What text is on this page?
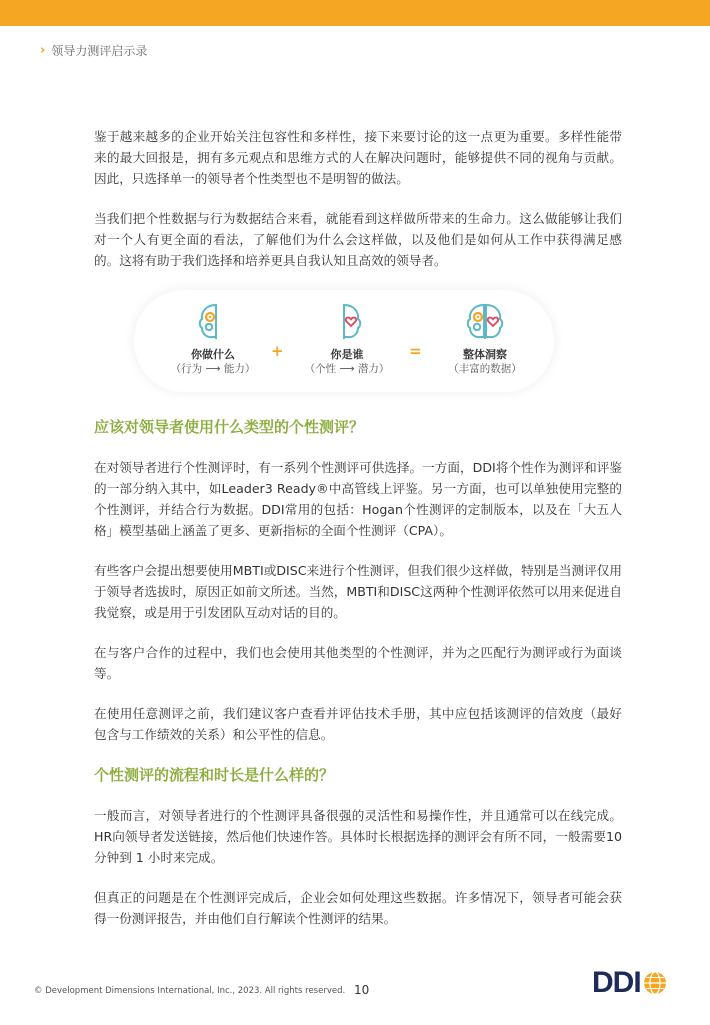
› 领导力测评启示录

鉴于越来越多的企业开始关注包容性和多样性，接下来要讨论的这一点更为重要。多样性能带来的最大回报是，拥有多元观点和思维方式的人在解决问题时，能够提供不同的视角与贡献。因此，只选择单一的领导者个性类型也不是明智的做法。

当我们把个性数据与行为数据结合来看，就能看到这样做所带来的生命力。这么做能够让我们对一个人有更全面的看法，了解他们为什么会这样做，以及他们是如何从工作中获得满足感的。这将有助于我们选择和培养更具自我认知且高效的领导者。

你做什么
（行为 ⟶ 能力）
+	你是谁
（个性 ⟶ 潜力）
=	整体洞察
（丰富的数据）
应该对领导者使用什么类型的个性测评？

在对领导者进行个性测评时，有一系列个性测评可供选择。一方面，DDI将个性作为测评和评鉴的一部分纳入其中，如Leader3 Ready®中高管线上评鉴。另一方面，也可以单独使用完整的个性测评，并结合行为数据。DDI常用的包括：Hogan个性测评的定制版本，以及在「大五人格」模型基础上涵盖了更多、更新指标的全面个性测评（CPA）。

有些客户会提出想要使用MBTI或DISC来进行个性测评，但我们很少这样做，特别是当测评仅用于领导者选拔时，原因正如前文所述。当然，MBTI和DISC这两种个性测评依然可以用来促进自我觉察，或是用于引发团队互动对话的目的。

在与客户合作的过程中，我们也会使用其他类型的个性测评，并为之匹配行为测评或行为面谈等。

在使用任意测评之前，我们建议客户查看并评估技术手册，其中应包括该测评的信效度（最好包含与工作绩效的关系）和公平性的信息。

个性测评的流程和时长是什么样的？

一般而言，对领导者进行的个性测评具备很强的灵活性和易操作性，并且通常可以在线完成。HR向领导者发送链接，然后他们快速作答。具体时长根据选择的测评会有所不同，一般需要10分钟到 1 小时来完成。

但真正的问题是在个性测评完成后，企业会如何处理这些数据。许多情况下，领导者可能会获得一份测评报告，并由他们自行解读个性测评的结果。

© Development Dimensions International, Inc., 2023. All rights reserved. 10	DDI
